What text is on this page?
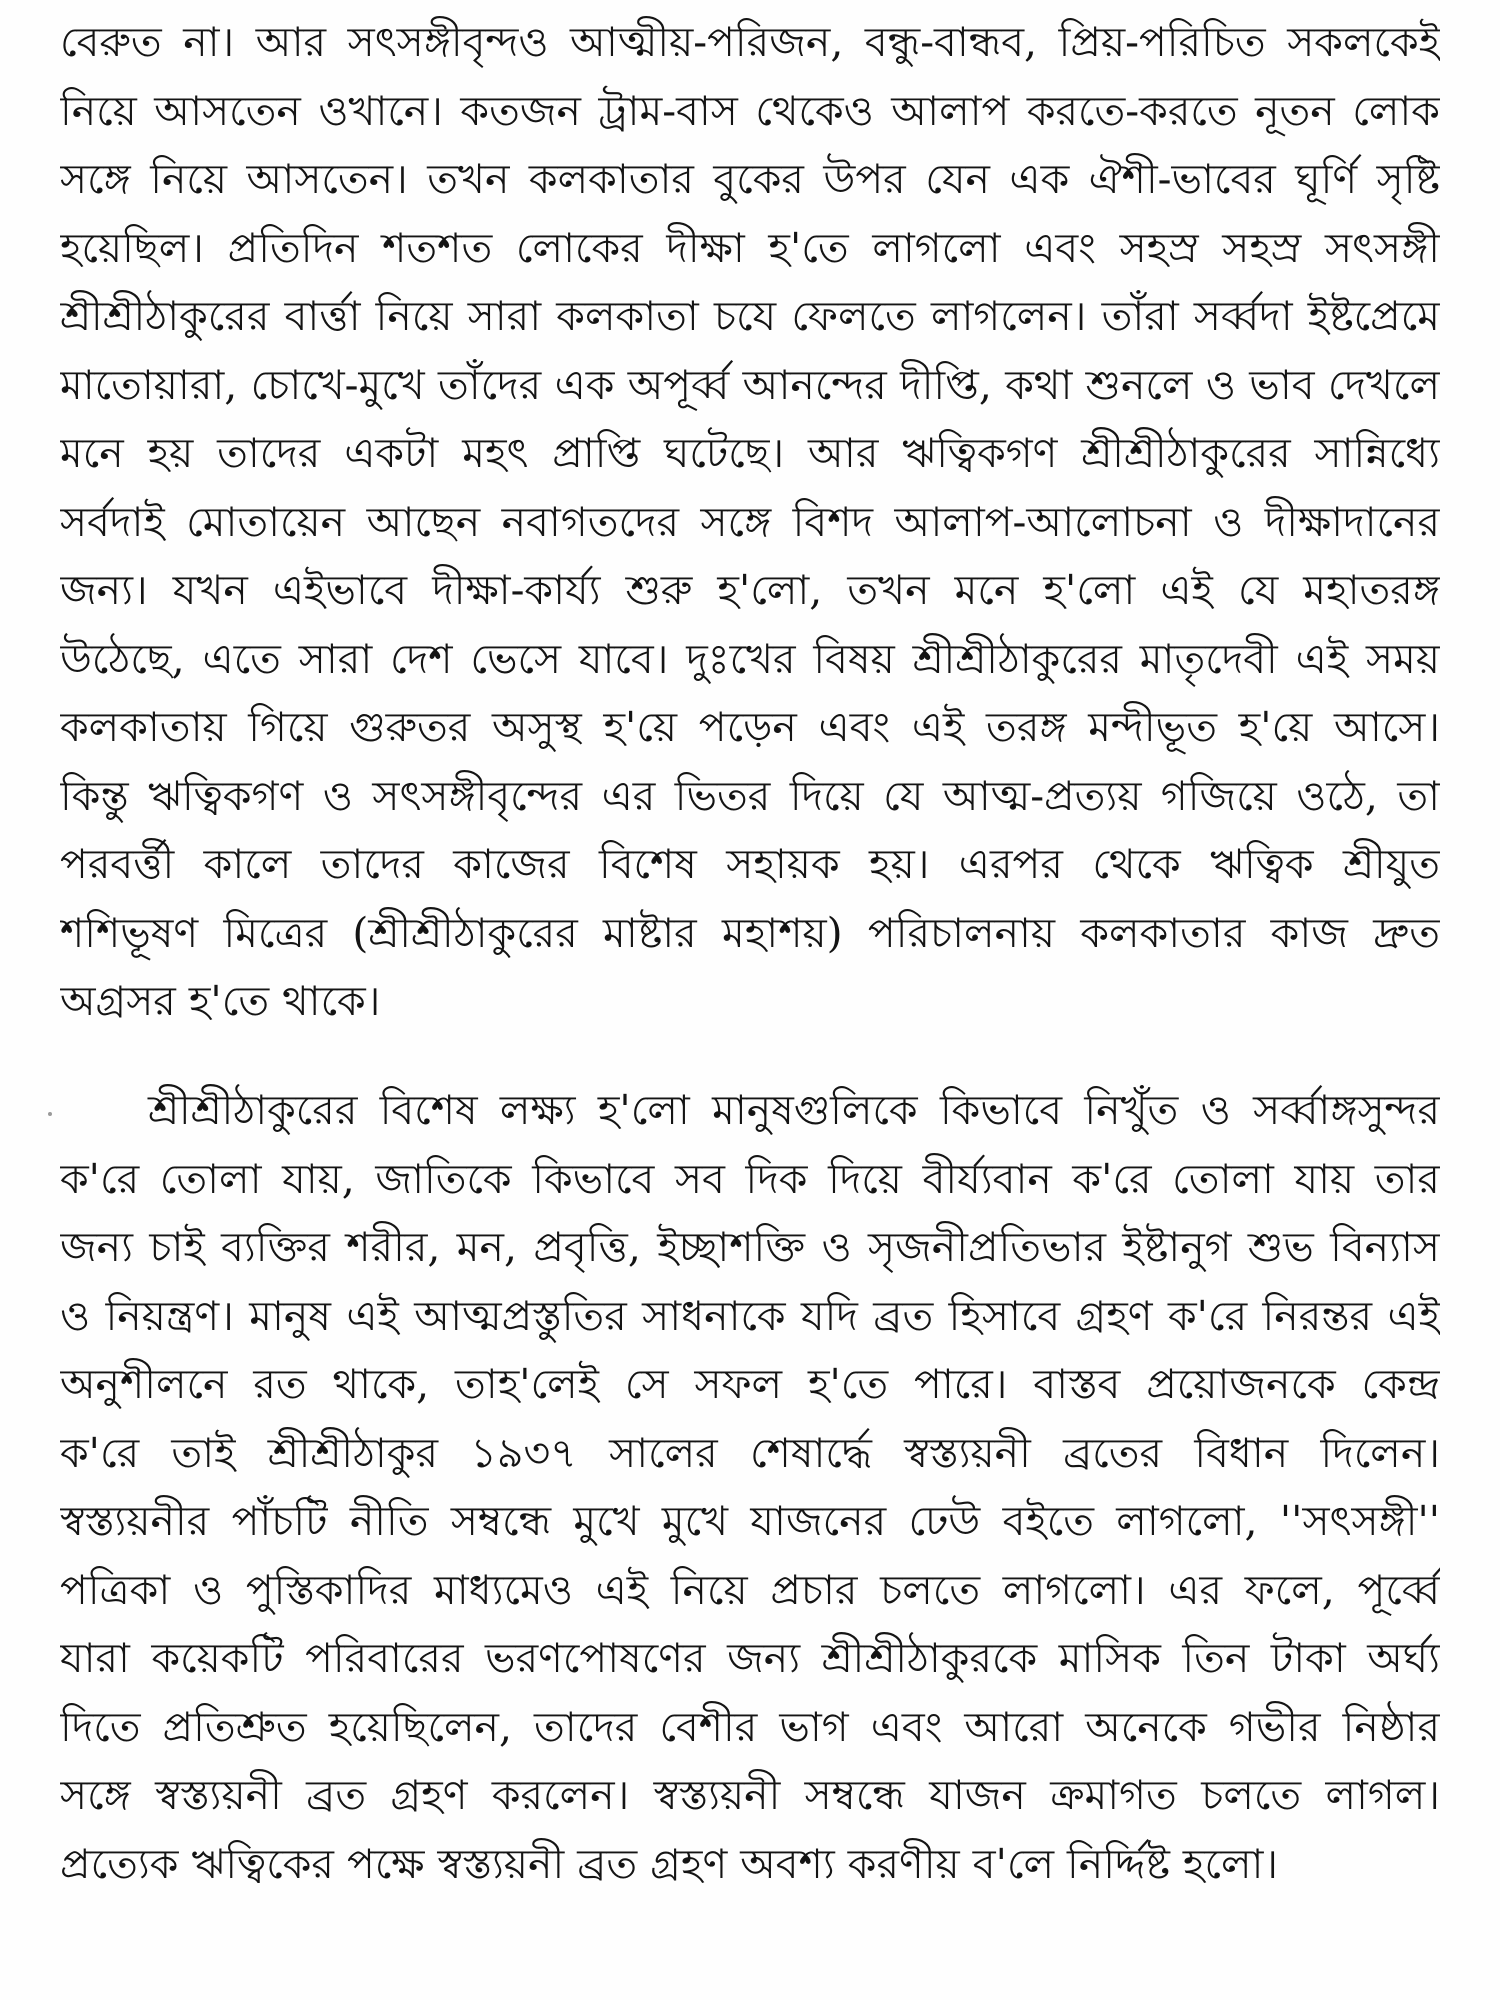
বেরুত না। আর সৎসঙ্গীবৃন্দও আত্মীয়-পরিজন, বন্ধু-বান্ধব, প্রিয়-পরিচিত সকলকেই
নিয়ে আসতেন ওখানে। কতজন ট্রাম-বাস থেকেও আলাপ করতে-করতে নূতন লোক
সঙ্গে নিয়ে আসতেন। তখন কলকাতার বুকের উপর যেন এক ঐশী-ভাবের ঘূর্ণি সৃষ্টি
হয়েছিল। প্রতিদিন শতশত লোকের দীক্ষা হ'তে লাগলো এবং সহস্র সহস্র সৎসঙ্গী
শ্রীশ্রীঠাকুরের বার্ত্তা নিয়ে সারা কলকাতা চযে ফেলতে লাগলেন। তাঁরা সর্ব্বদা ইষ্টপ্রেমে
মাতোয়ারা, চোখে-মুখে তাঁদের এক অপূর্ব্ব আনন্দের দীপ্তি, কথা শুনলে ও ভাব দেখলে
মনে হয় তাদের একটা মহৎ প্রাপ্তি ঘটেছে। আর ঋত্বিকগণ শ্রীশ্রীঠাকুরের সান্নিধ্যে
সর্বদাই মোতায়েন আছেন নবাগতদের সঙ্গে বিশদ আলাপ-আলোচনা ও দীক্ষাদানের
জন্য। যখন এইভাবে দীক্ষা-কার্য্য শুরু হ'লো, তখন মনে হ'লো এই যে মহাতরঙ্গ
উঠেছে, এতে সারা দেশ ভেসে যাবে। দুঃখের বিষয় শ্রীশ্রীঠাকুরের মাতৃদেবী এই সময়
কলকাতায় গিয়ে গুরুতর অসুস্থ হ'য়ে পড়েন এবং এই তরঙ্গ মন্দীভূত হ'য়ে আসে।
কিন্তু ঋত্বিকগণ ও সৎসঙ্গীবৃন্দের এর ভিতর দিয়ে যে আত্ম-প্রত্যয় গজিয়ে ওঠে, তা
পরবর্ত্তী কালে তাদের কাজের বিশেষ সহায়ক হয়। এরপর থেকে ঋত্বিক শ্রীযুত
শশিভূষণ মিত্রের (শ্রীশ্রীঠাকুরের মাষ্টার মহাশয়) পরিচালনায় কলকাতার কাজ দ্রুত
অগ্রসর হ'তে থাকে।
শ্রীশ্রীঠাকুরের বিশেষ লক্ষ্য হ'লো মানুষগুলিকে কিভাবে নিখুঁত ও সর্ব্বাঙ্গসুন্দর
ক'রে তোলা যায়, জাতিকে কিভাবে সব দিক দিয়ে বীর্য্যবান ক'রে তোলা যায় তার
জন্য চাই ব্যক্তির শরীর, মন, প্রবৃত্তি, ইচ্ছাশক্তি ও সৃজনীপ্রতিভার ইষ্টানুগ শুভ বিন্যাস
ও নিয়ন্ত্রণ। মানুষ এই আত্মপ্রস্তুতির সাধনাকে যদি ব্রত হিসাবে গ্রহণ ক'রে নিরন্তর এই
অনুশীলনে রত থাকে, তাহ'লেই সে সফল হ'তে পারে। বাস্তব প্রয়োজনকে কেন্দ্র
ক'রে তাই শ্রীশ্রীঠাকুর ১৯৩৭ সালের শেষার্দ্ধে স্বস্ত্যয়নী ব্রতের বিধান দিলেন।
স্বস্ত্যয়নীর পাঁচটি নীতি সম্বন্ধে মুখে মুখে যাজনের ঢেউ বইতে লাগলো, ''সৎসঙ্গী''
পত্রিকা ও পুস্তিকাদির মাধ্যমেও এই নিয়ে প্রচার চলতে লাগলো। এর ফলে, পূর্ব্বে
যারা কয়েকটি পরিবারের ভরণপোষণের জন্য শ্রীশ্রীঠাকুরকে মাসিক তিন টাকা অর্ঘ্য
দিতে প্রতিশ্রুত হয়েছিলেন, তাদের বেশীর ভাগ এবং আরো অনেকে গভীর নিষ্ঠার
সঙ্গে স্বস্ত্যয়নী ব্রত গ্রহণ করলেন। স্বস্ত্যয়নী সম্বন্ধে যাজন ক্রমাগত চলতে লাগল।
প্রত্যেক ঋত্বিকের পক্ষে স্বস্ত্যয়নী ব্রত গ্রহণ অবশ্য করণীয় ব'লে নির্দ্দিষ্ট হলো।
